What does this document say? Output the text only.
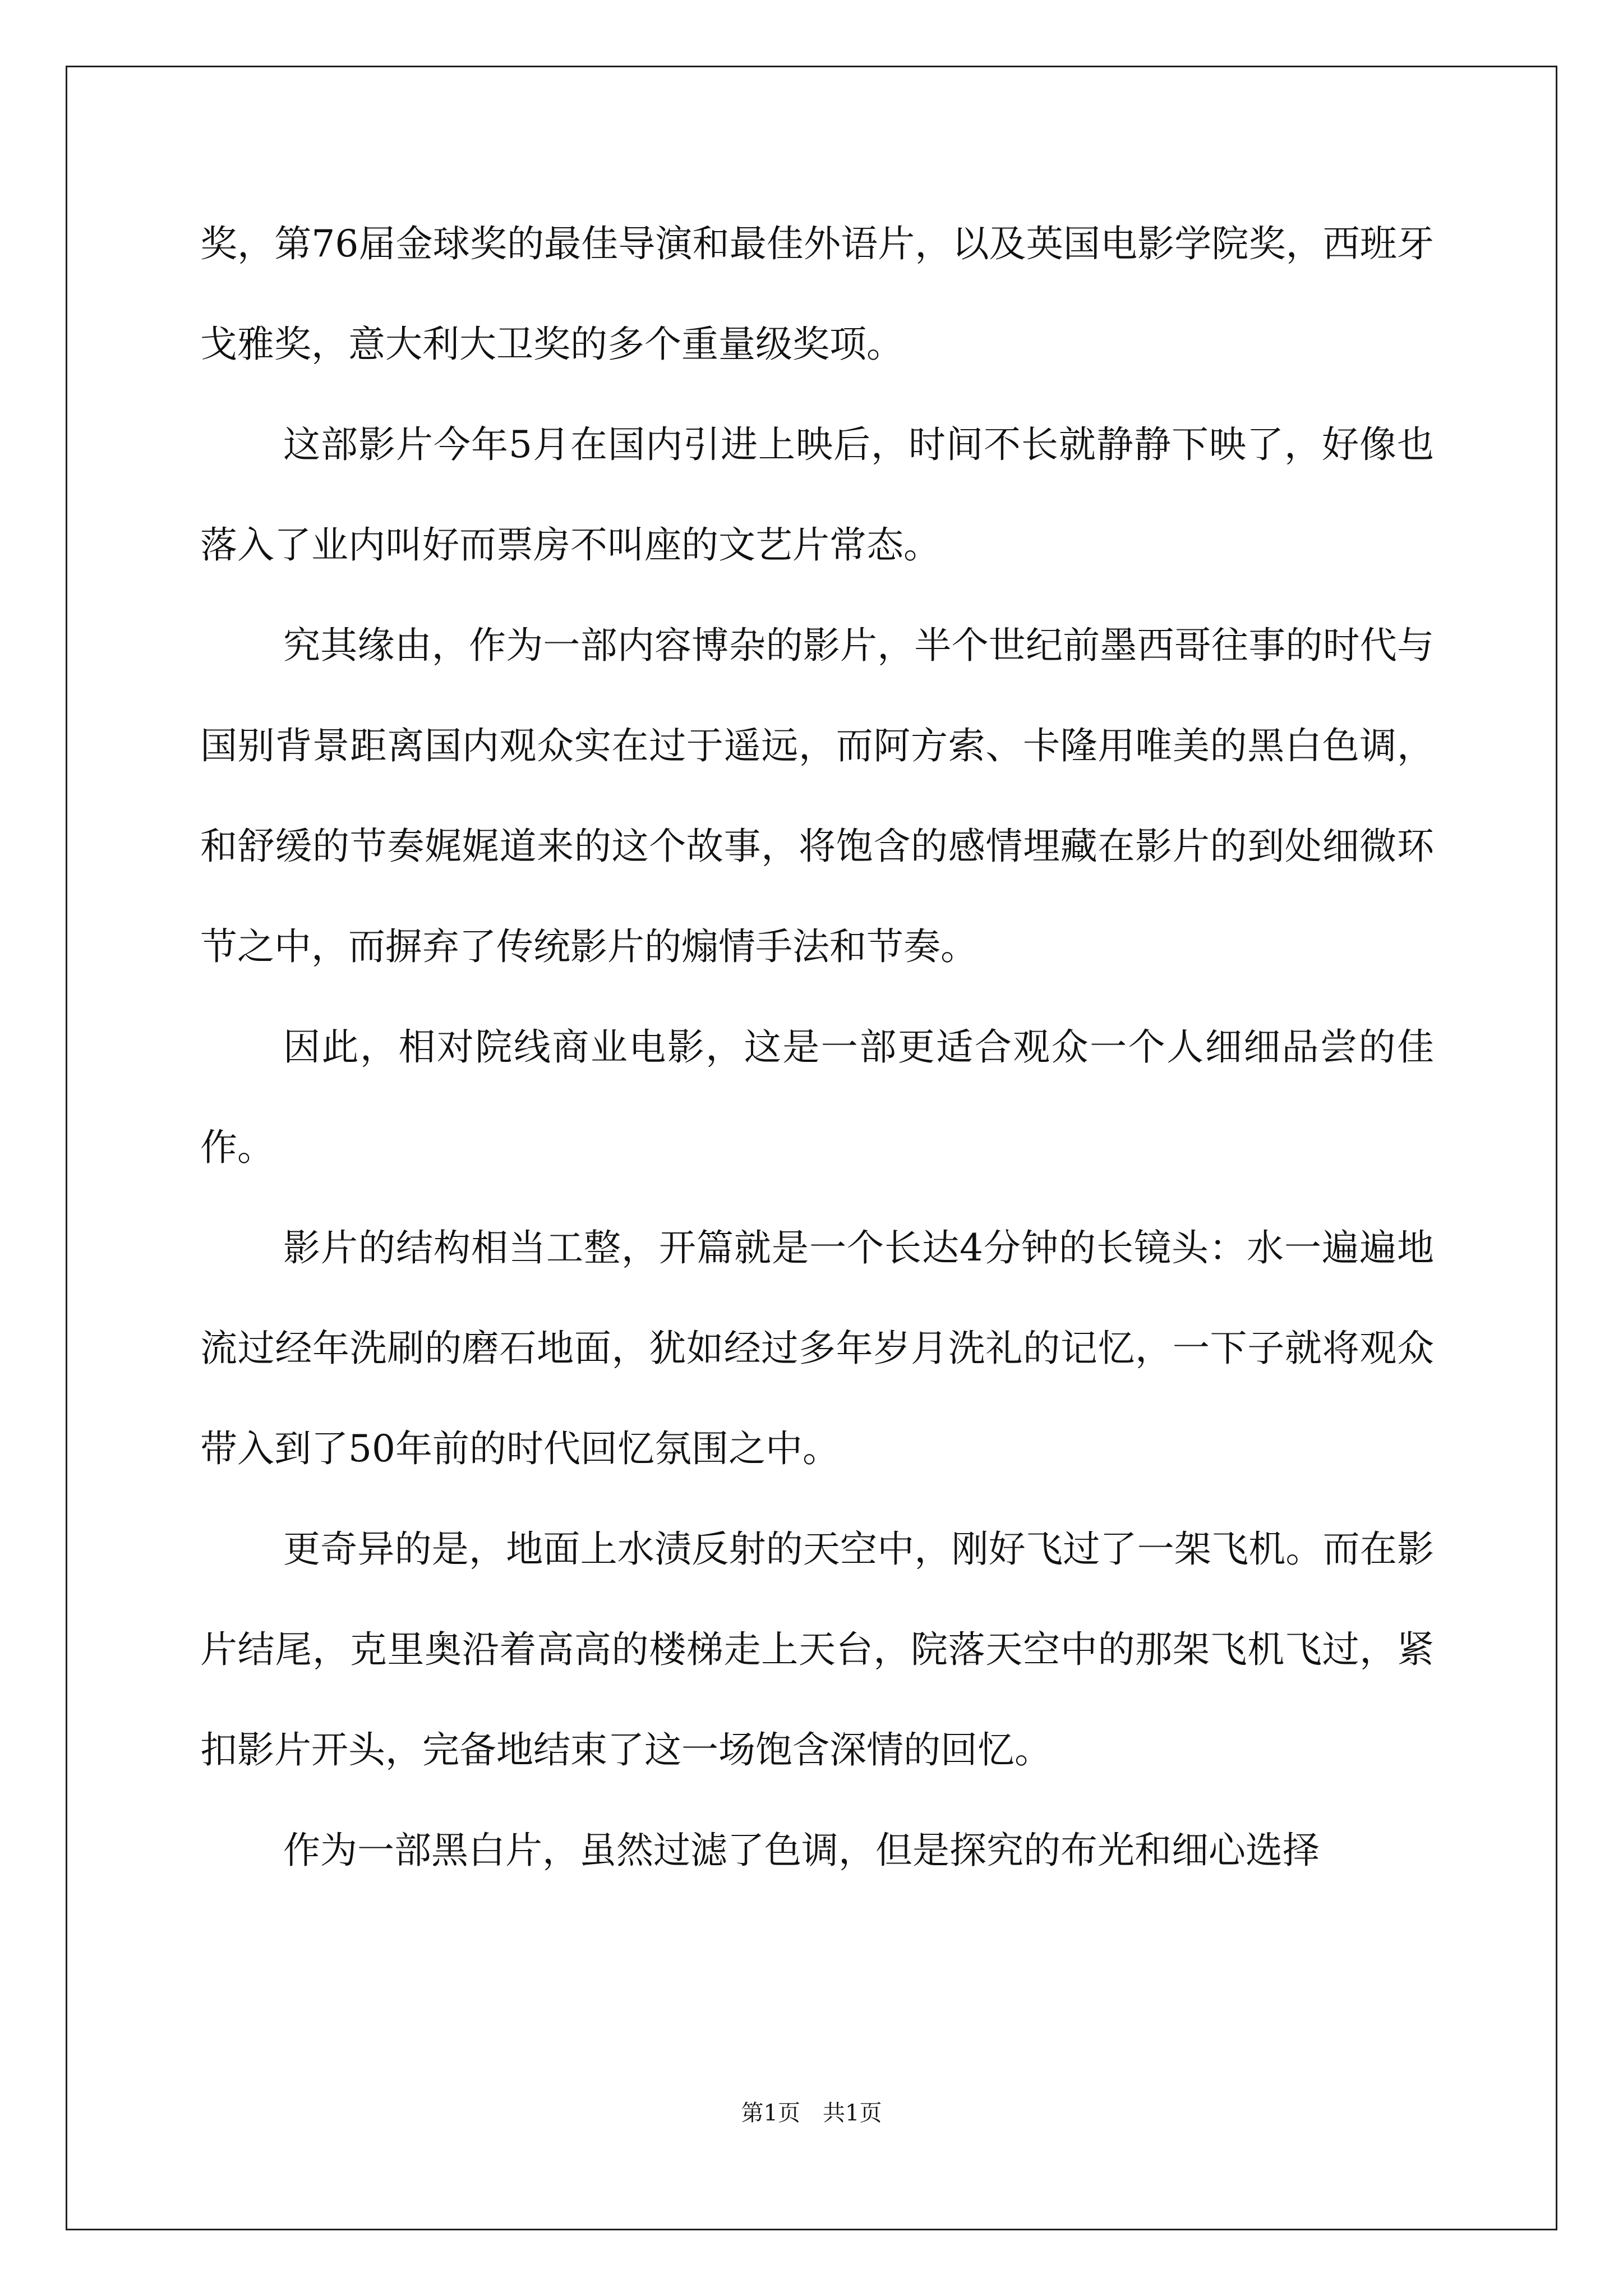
奖，第76届金球奖的最佳导演和最佳外语片，以及英国电影学院奖，西班牙戈雅奖，意大利大卫奖的多个重量级奖项。

这部影片今年5月在国内引进上映后，时间不长就静静下映了，好像也落入了业内叫好而票房不叫座的文艺片常态。

究其缘由，作为一部内容博杂的影片，半个世纪前墨西哥往事的时代与国别背景距离国内观众实在过于遥远，而阿方索、卡隆用唯美的黑白色调，和舒缓的节奏娓娓道来的这个故事，将饱含的感情埋藏在影片的到处细微环节之中，而摒弃了传统影片的煽情手法和节奏。

因此，相对院线商业电影，这是一部更适合观众一个人细细品尝的佳作。

影片的结构相当工整，开篇就是一个长达4分钟的长镜头：水一遍遍地流过经年洗刷的磨石地面，犹如经过多年岁月洗礼的记忆，一下子就将观众带入到了50年前的时代回忆氛围之中。

更奇异的是，地面上水渍反射的天空中，刚好飞过了一架飞机。而在影片结尾，克里奥沿着高高的楼梯走上天台，院落天空中的那架飞机飞过，紧扣影片开头，完备地结束了这一场饱含深情的回忆。

作为一部黑白片，虽然过滤了色调，但是探究的布光和细心选择

第1页　共1页
